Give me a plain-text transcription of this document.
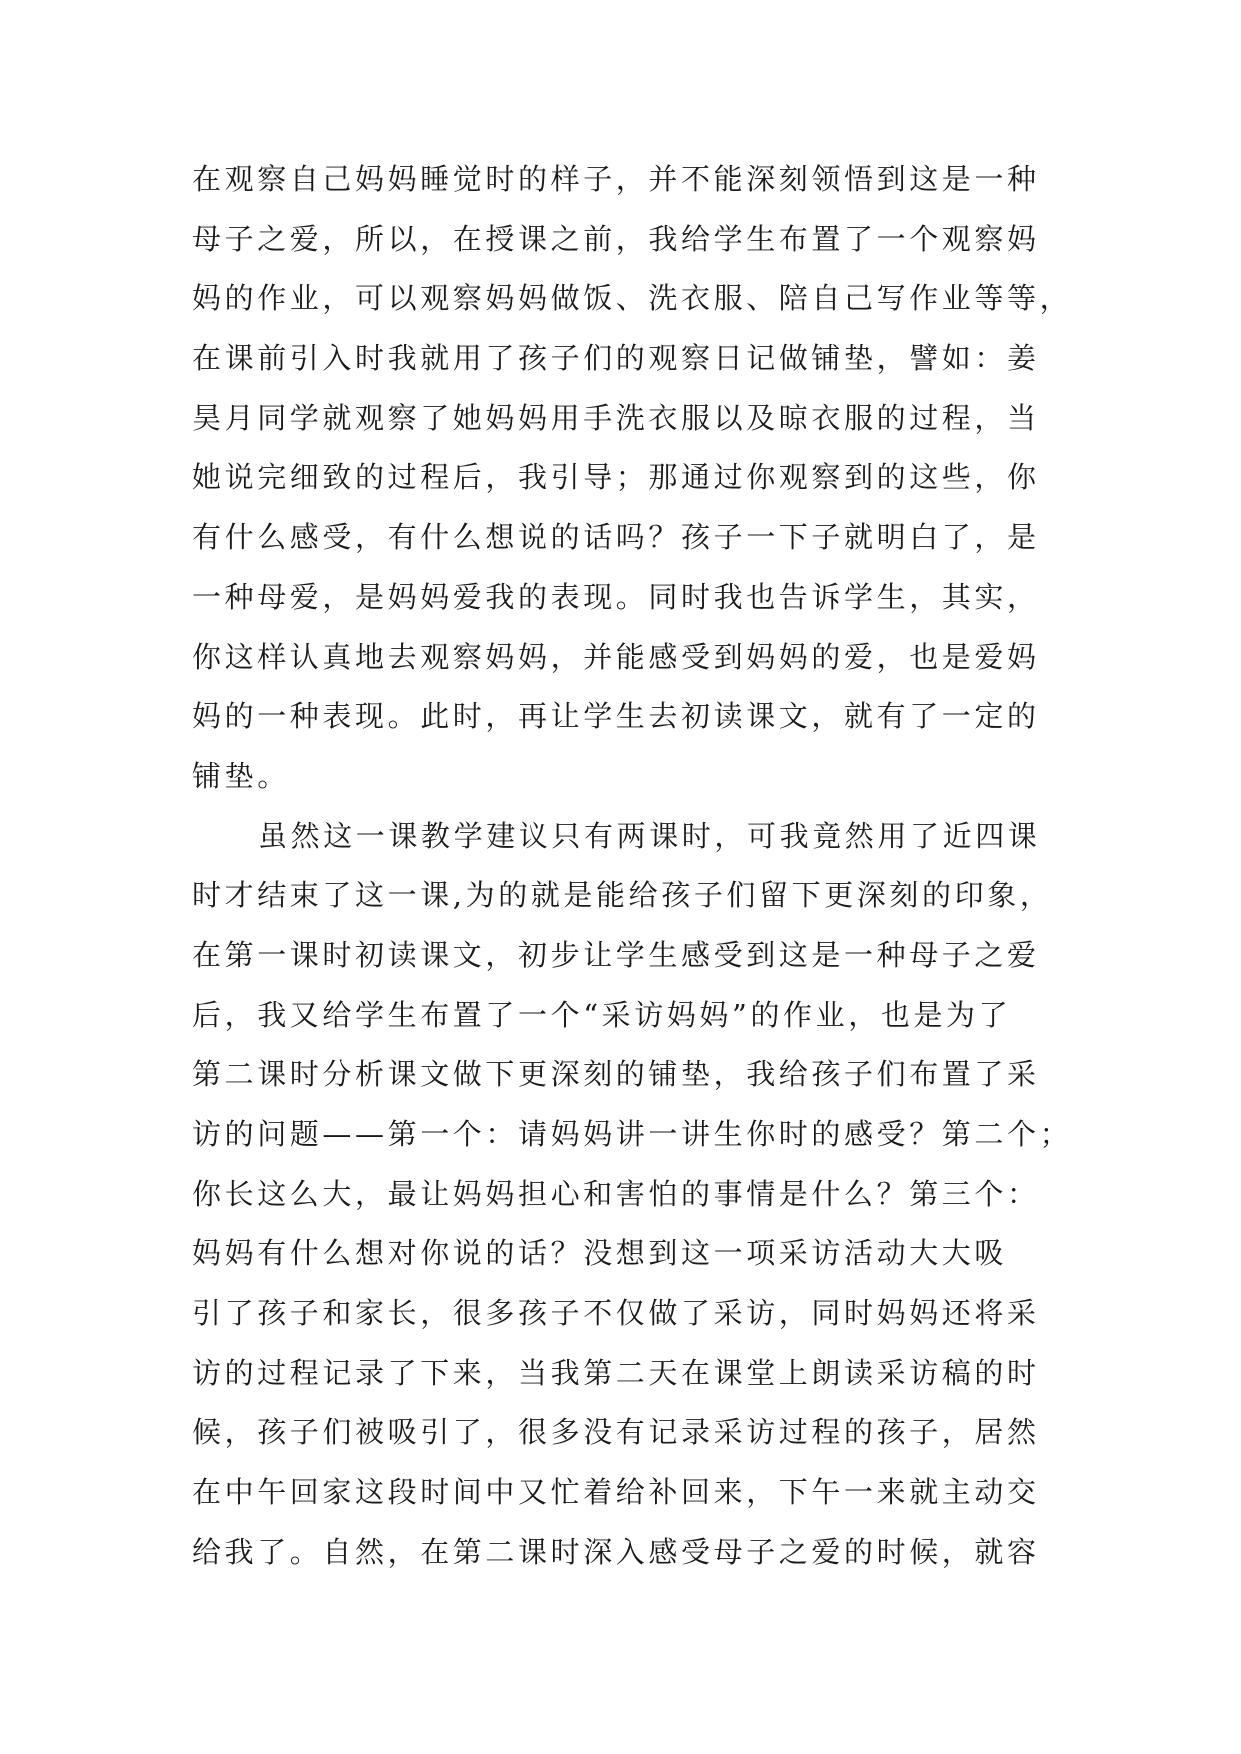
在观察自己妈妈睡觉时的样子，并不能深刻领悟到这是一种
母子之爱，所以，在授课之前，我给学生布置了一个观察妈
妈的作业，可以观察妈妈做饭、洗衣服、陪自己写作业等等，
在课前引入时我就用了孩子们的观察日记做铺垫，譬如：姜
昊月同学就观察了她妈妈用手洗衣服以及晾衣服的过程，当
她说完细致的过程后，我引导；那通过你观察到的这些，你
有什么感受，有什么想说的话吗？孩子一下子就明白了，是
一种母爱，是妈妈爱我的表现。同时我也告诉学生，其实，
你这样认真地去观察妈妈，并能感受到妈妈的爱，也是爱妈
妈的一种表现。此时，再让学生去初读课文，就有了一定的
铺垫。
虽然这一课教学建议只有两课时，可我竟然用了近四课
时才结束了这一课,为的就是能给孩子们留下更深刻的印象，
在第一课时初读课文，初步让学生感受到这是一种母子之爱
后，我又给学生布置了一个“采访妈妈”的作业，也是为了
第二课时分析课文做下更深刻的铺垫，我给孩子们布置了采
访的问题——第一个：请妈妈讲一讲生你时的感受？第二个；
你长这么大，最让妈妈担心和害怕的事情是什么？第三个：
妈妈有什么想对你说的话？没想到这一项采访活动大大吸
引了孩子和家长，很多孩子不仅做了采访，同时妈妈还将采
访的过程记录了下来，当我第二天在课堂上朗读采访稿的时
候，孩子们被吸引了，很多没有记录采访过程的孩子，居然
在中午回家这段时间中又忙着给补回来，下午一来就主动交
给我了。自然，在第二课时深入感受母子之爱的时候，就容
